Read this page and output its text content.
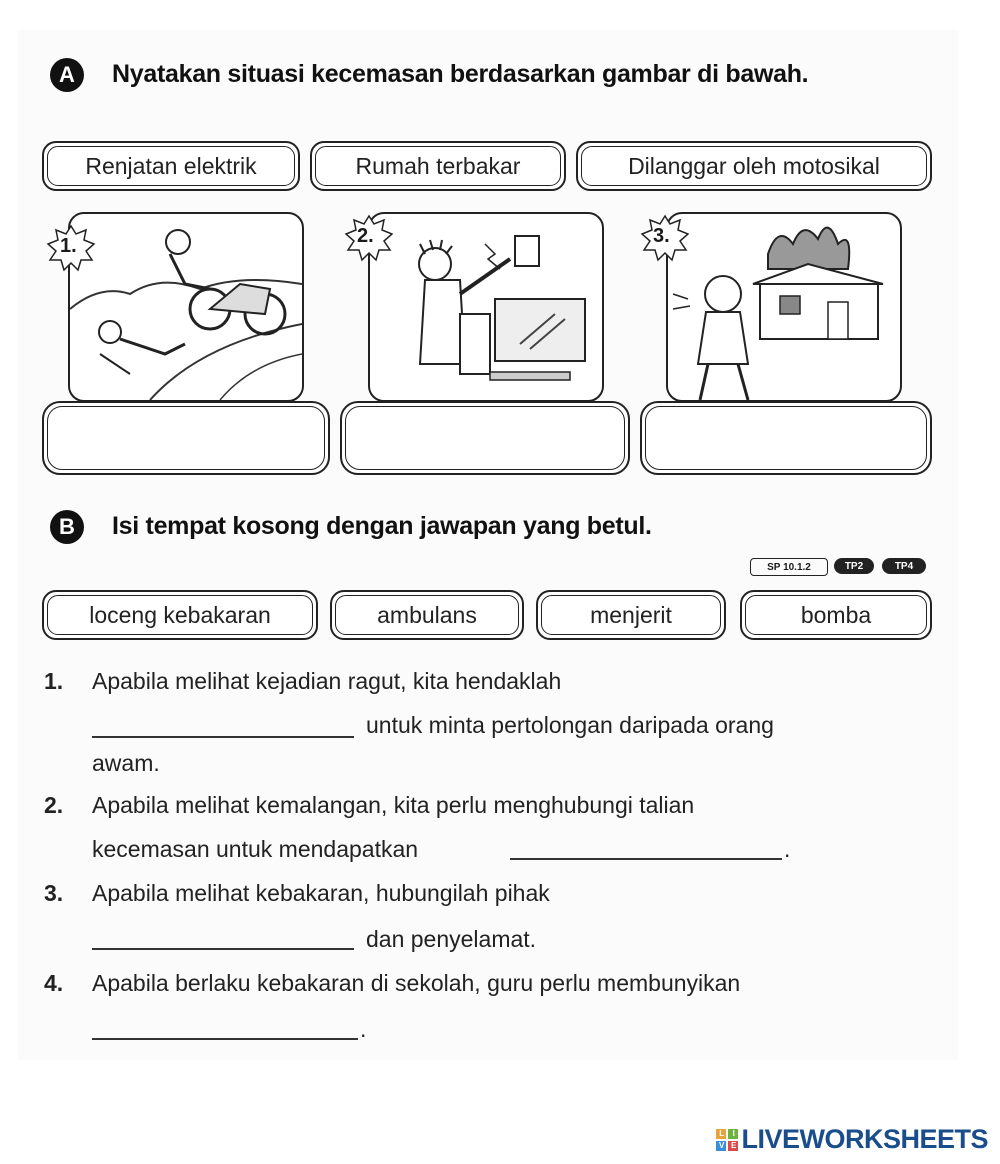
A	Nyatakan situasi kecemasan berdasarkan gambar di bawah.
Renjatan elektrik	Rumah terbakar	Dilanggar oleh motosikal
1.	2.	3.
B	Isi tempat kosong dengan jawapan yang betul.
SP 10.1.2	TP2	TP4
loceng kebakaran	ambulans	menjerit	bomba
1. Apabila melihat kejadian ragut, kita hendaklah
untuk minta pertolongan daripada orang
awam.
2. Apabila melihat kemalangan, kita perlu menghubungi talian
kecemasan untuk mendapatkan	.
3. Apabila melihat kebakaran, hubungilah pihak
dan penyelamat.
4. Apabila berlaku kebakaran di sekolah, guru perlu membunyikan
.
L	I
V E LIVEWORKSHEETS
